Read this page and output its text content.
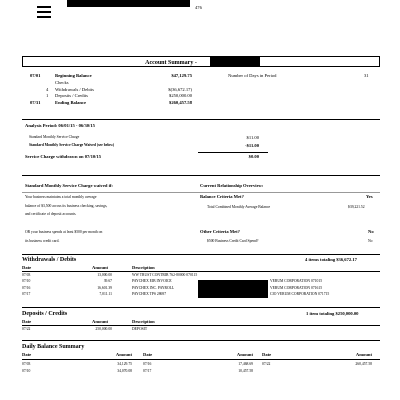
476
Account Summary -
07/01	Beginning Balance	$47,129.75
Checks
4 Withdrawals / Debits	$(36,672.17)
1 Deposits / Credits	$250,000.00
07/31	Ending Balance	$260,457.58
Number of Days in Period	31
Analysis Period: 06/01/15 - 06/30/15
Standard Monthly Service Charge	$11.00
Standard Monthly Service Charge Waived (see below)	-$11.00
Service Charge withdrawn on 07/10/15	$0.00
Standard Monthly Service Charge waived if:	Current Relationship Overview:
Your business maintains a total monthly average
balance of $3,500 across its business checking, savings,
and certificate of deposit accounts.
Balance Criteria Met?	Yes
Total Combined Monthly Average Balance	$39,221.52
OR your business spends at least $500 per month on
its business credit card.
Other Criteria Met?	No
$500 Business Credit Card Spend?	No
Withdrawals / Debits	4 items totaling $36,672.17
Date	Amount	Description
07/03	13,000.00	WW TRUST CONTRIB 762-80000 070115
07/10	39.67	PAYCHEX EIB INVOICE	VERUM CORPORATION 071015
07/16	16,601.39	PAYCHEX INC. PAYROLL	VERUM CORPORATION 071615
07/17	7,011.11	PAYCHEX TPS 28697	CIO VERUM CORPORATION 071715
Deposits / Credits	1 item totaling $250,000.00
Date	Amount	Description
07/22	250,000.00	DEPOSIT
Daily Balance Summary
Date	Amount Date	Amount Date	Amount
07/03	34,129.75	07/16	17,468.69 07/22	260,457.58
07/10	34,070.08	07/17	10,457.58
